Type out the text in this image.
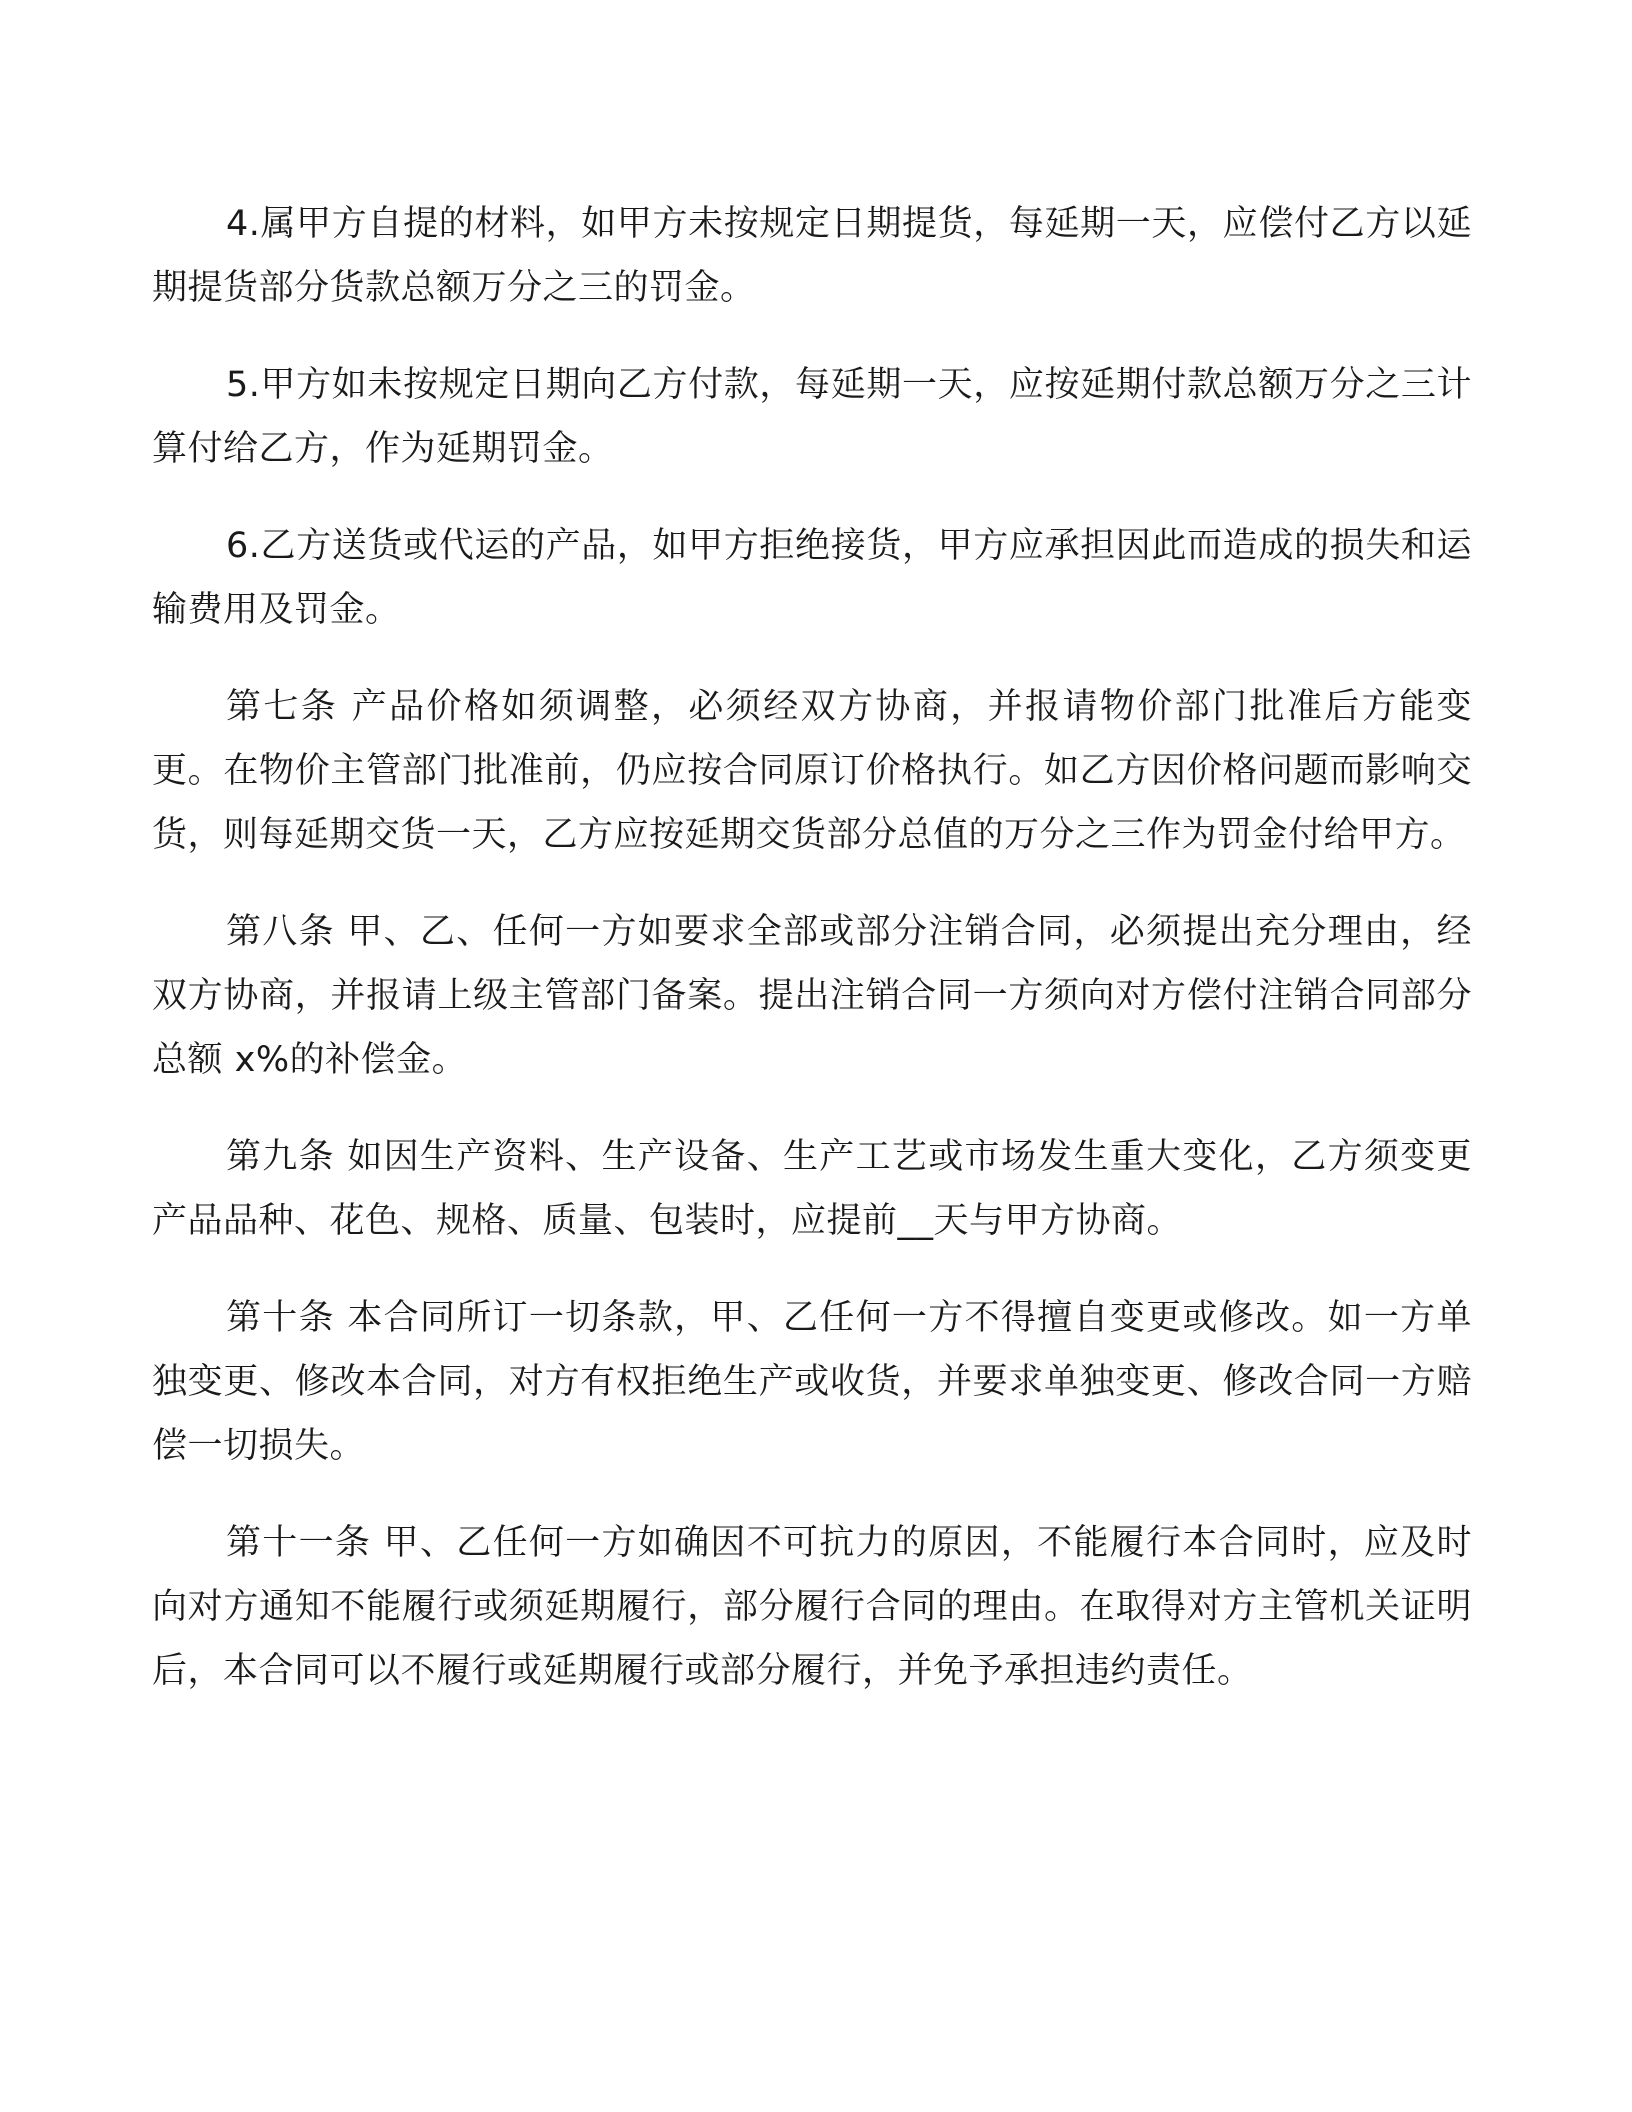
4.属甲方自提的材料，如甲方未按规定日期提货，每延期一天，应偿付乙方以延期提货部分货款总额万分之三的罚金。

5.甲方如未按规定日期向乙方付款，每延期一天，应按延期付款总额万分之三计算付给乙方，作为延期罚金。

6.乙方送货或代运的产品，如甲方拒绝接货，甲方应承担因此而造成的损失和运输费用及罚金。

第七条 产品价格如须调整，必须经双方协商，并报请物价部门批准后方能变更。在物价主管部门批准前，仍应按合同原订价格执行。如乙方因价格问题而影响交货，则每延期交货一天，乙方应按延期交货部分总值的万分之三作为罚金付给甲方。

第八条 甲、乙、任何一方如要求全部或部分注销合同，必须提出充分理由，经双方协商，并报请上级主管部门备案。提出注销合同一方须向对方偿付注销合同部分总额 x%的补偿金。

第九条 如因生产资料、生产设备、生产工艺或市场发生重大变化，乙方须变更产品品种、花色、规格、质量、包装时，应提前__天与甲方协商。

第十条 本合同所订一切条款，甲、乙任何一方不得擅自变更或修改。如一方单独变更、修改本合同，对方有权拒绝生产或收货，并要求单独变更、修改合同一方赔偿一切损失。

第十一条 甲、乙任何一方如确因不可抗力的原因，不能履行本合同时，应及时向对方通知不能履行或须延期履行，部分履行合同的理由。在取得对方主管机关证明后，本合同可以不履行或延期履行或部分履行，并免予承担违约责任。
